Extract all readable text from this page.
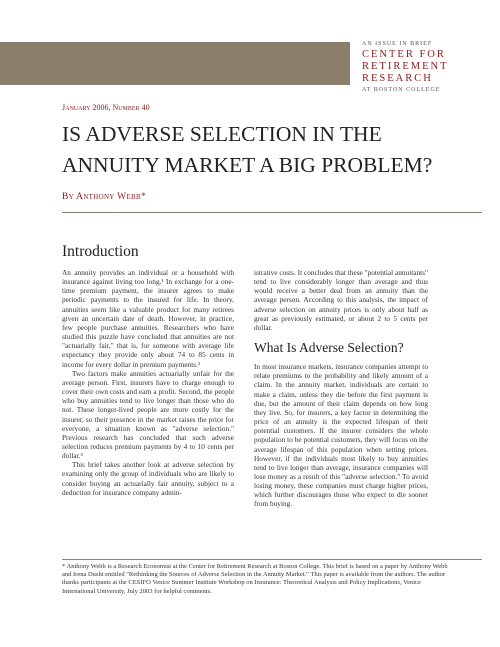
AN ISSUE IN BRIEF
CENTER FOR
RETIREMENT
RESEARCH
AT BOSTON COLLEGE
January 2006, Number 40
IS ADVERSE SELECTION IN THE ANNUITY MARKET A BIG PROBLEM?
By Anthony Webb*
Introduction

An annuity provides an individual or a household with insurance against living too long.¹ In exchange for a one-time premium payment, the insurer agrees to make periodic payments to the insured for life. In theory, annuities seem like a valuable product for many retirees given an uncertain date of death. However, in practice, few people purchase annuities. Researchers who have studied this puzzle have concluded that annuities are not "actuarially fair," that is, for someone with average life expectancy they provide only about 74 to 85 cents in income for every dollar in premium payments.²

Two factors make annuities actuarially unfair for the average person. First, insurers have to charge enough to cover their own costs and earn a profit. Second, the people who buy annuities tend to live longer than those who do not. These longer-lived people are more costly for the insurer, so their presence in the market raises the price for everyone, a situation known as "adverse selection." Previous research has concluded that such adverse selection reduces premium payments by 4 to 10 cents per dollar.³

This brief takes another look at adverse selection by examining only the group of individuals who are likely to consider buying an actuarially fair annuity, subject to a deduction for insurance company admin-

istrative costs. It concludes that these "potential annuitants" tend to live considerably longer than average and thus would receive a better deal from an annuity than the average person. According to this analysis, the impact of adverse selection on annuity prices is only about half as great as previously estimated, or about 2 to 5 cents per dollar.

What Is Adverse Selection?

In most insurance markets, insurance companies attempt to relate premiums to the probability and likely amount of a claim. In the annuity market, individuals are certain to make a claim, unless they die before the first payment is due, but the amount of their claim depends on how long they live. So, for insurers, a key factor in determining the price of an annuity is the expected lifespan of their potential customers. If the insurer considers the whole population to be potential customers, they will focus on the average lifespan of this population when setting prices. However, if the individuals most likely to buy annuities tend to live longer than average, insurance companies will lose money as a result of this "adverse selection." To avoid losing money, these companies must charge higher prices, which further discourages those who expect to die sooner from buying.

* Anthony Webb is a Research Economist at the Center for Retirement Research at Boston College. This brief is based on a paper by Anthony Webb and Irena Dushi entitled "Rethinking the Sources of Adverse Selection in the Annuity Market." This paper is available from the authors. The author thanks participants at the CESIFO Venice Summer Institute Workshop on Insurance: Theoretical Analysis and Policy Implications, Venice International University, July 2003 for helpful comments.
